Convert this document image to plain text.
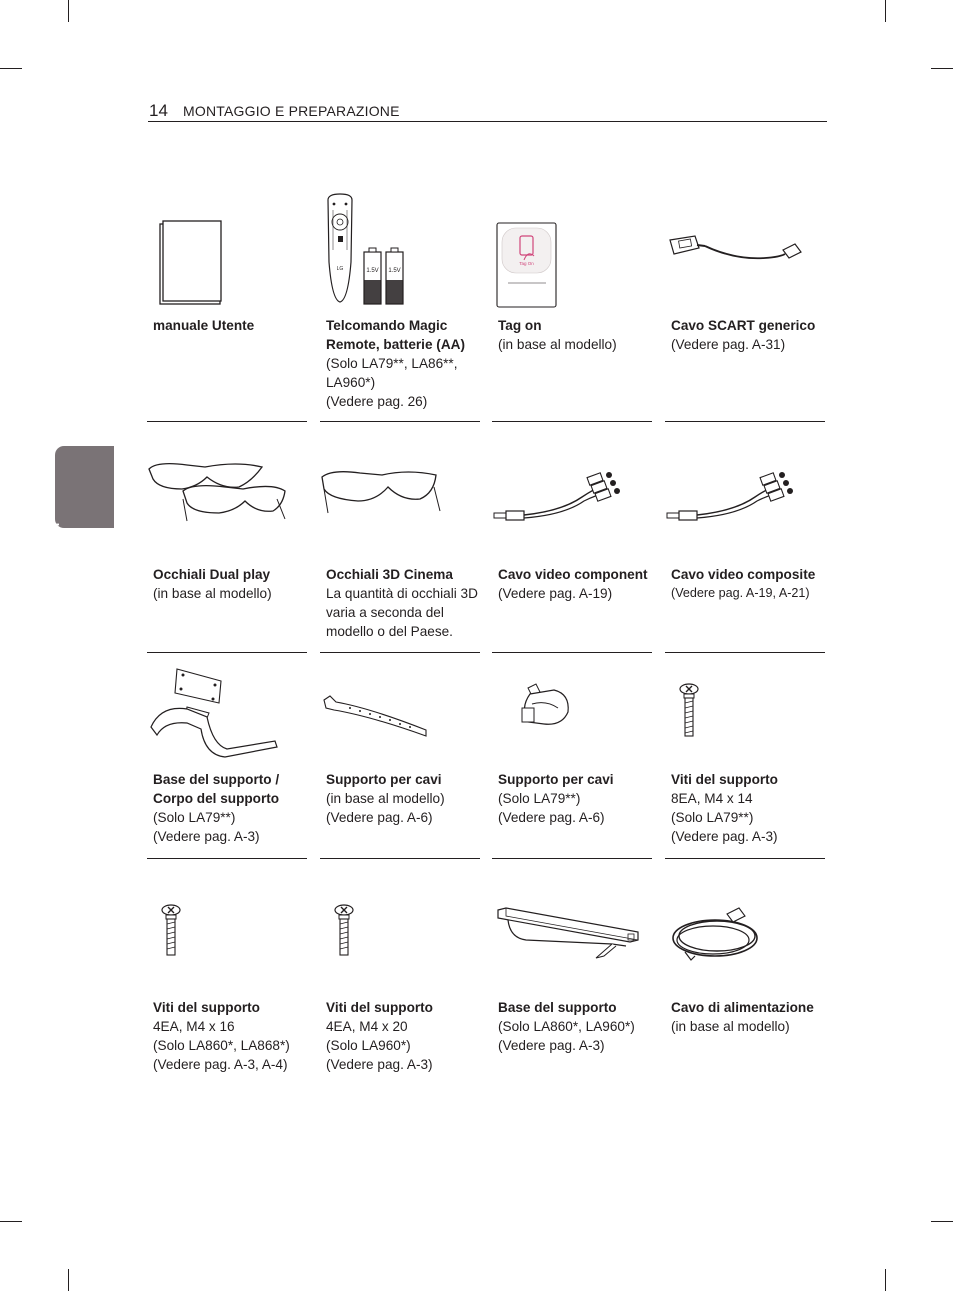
14 MONTAGGIO E PREPARAZIONE
ITALIANO
manuale Utente
LG	1.5V 1.5V
Telcomando Magic Remote, batterie (AA)
(Solo LA79**, LA86**, LA960*)
(Vedere pag. 26)
Tag On
Tag on
(in base al modello)
Cavo SCART generico
(Vedere pag. A-31)
Occhiali Dual play
(in base al modello)
Occhiali 3D Cinema
La quantità di occhiali 3D varia a seconda del modello o del Paese.
Cavo video component
(Vedere pag. A-19)
Cavo video composite
(Vedere pag. A-19, A-21)
Base del supporto / Corpo del supporto
(Solo LA79**)
(Vedere pag. A-3)
Supporto per cavi
(in base al modello)
(Vedere pag. A-6)
Supporto per cavi
(Solo LA79**)
(Vedere pag. A-6)
Viti del supporto
8EA, M4 x 14
(Solo LA79**)
(Vedere pag. A-3)
Viti del supporto
4EA, M4 x 16
(Solo LA860*, LA868*)
(Vedere pag. A-3, A-4)
Viti del supporto
4EA, M4 x 20
(Solo LA960*)
(Vedere pag. A-3)
Base del supporto
(Solo LA860*, LA960*)
(Vedere pag. A-3)
Cavo di alimentazione
(in base al modello)
